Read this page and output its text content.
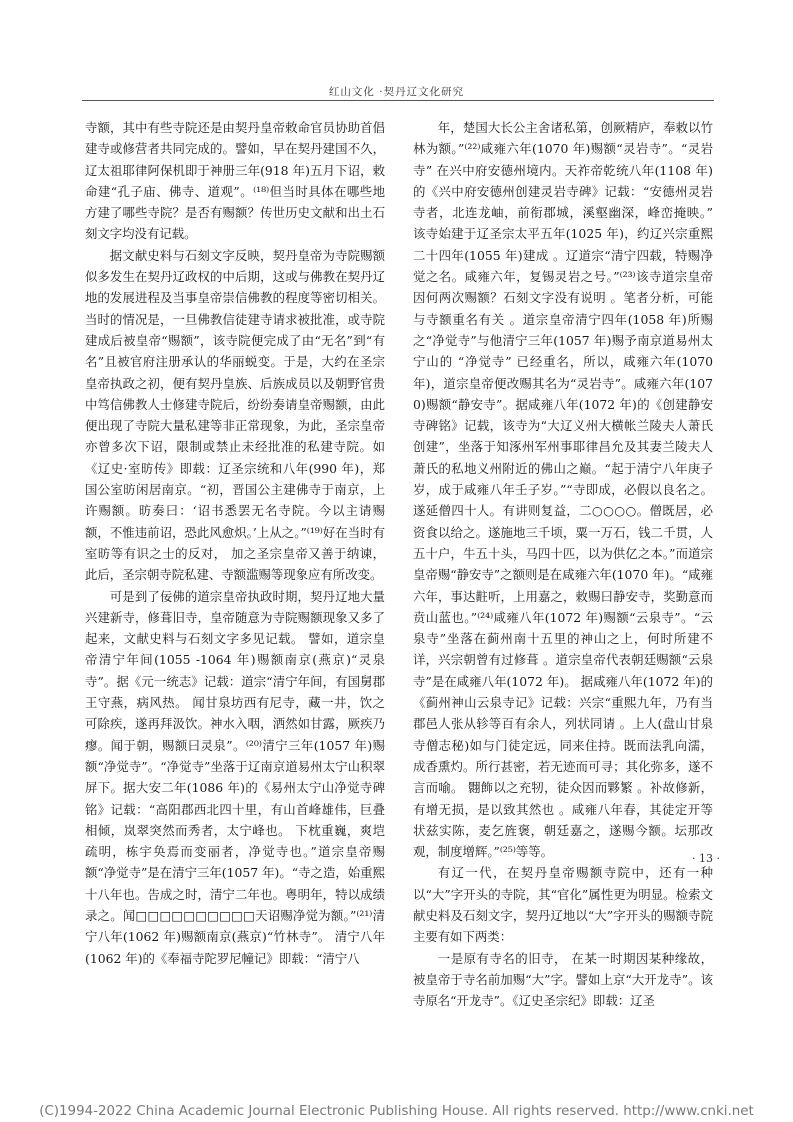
红山文化 ·契丹辽文化研究

寺额，其中有些寺院还是由契丹皇帝敕命官员协助首倡建寺或修营者共同完成的。譬如，早在契丹建国不久，辽太祖耶律阿保机即于神册三年(918 年)五月下诏，敕命建“孔子庙、佛寺、道观”。⁽¹⁸⁾但当时具体在哪些地方建了哪些寺院？是否有赐额？传世历史文献和出土石刻文字均没有记载。

据文献史料与石刻文字反映，契丹皇帝为寺院赐额似多发生在契丹辽政权的中后期，这或与佛教在契丹辽地的发展进程及当事皇帝崇信佛教的程度等密切相关。 当时的情况是，一旦佛教信徒建寺请求被批准，或寺院建成后被皇帝“赐额”，该寺院便完成了由“无名”到“有名”且被官府注册承认的华丽蜕变。于是，大约在圣宗皇帝执政之初，便有契丹皇族、后族成员以及朝野官贵中笃信佛教人士修建寺院后，纷纷奏请皇帝赐额，由此便出现了寺院大量私建等非正常现象，为此，圣宗皇帝亦曾多次下诏，限制或禁止未经批准的私建寺院。如《辽史·室昉传》即载：辽圣宗统和八年(990 年)，郑国公室昉闲居南京。“初，晋国公主建佛寺于南京，上许赐额。昉奏曰：‘诏书悉罢无名寺院。今以主请赐额，不惟违前诏，恐此风愈炽。’上从之。”⁽¹⁹⁾好在当时有室昉等有识之士的反对， 加之圣宗皇帝又善于纳谏，此后，圣宗朝寺院私建、寺额滥赐等现象应有所改变。

可是到了佞佛的道宗皇帝执政时期，契丹辽地大量兴建新寺，修葺旧寺，皇帝随意为寺院赐额现象又多了起来，文献史料与石刻文字多见记载。 譬如，道宗皇帝清宁年间(1055 -1064 年)赐额南京(燕京)“灵泉寺”。据《元一统志》记载：道宗“清宁年间，有国舅郡王守燕，病风热。 闻甘泉坊西有尼寺，藏一井，饮之可除疾，遂再拜汲饮。神水入咽，洒然如甘露，厥疾乃瘳。闻于朝，赐额曰灵泉”。⁽²⁰⁾清宁三年(1057 年)赐额“净觉寺”。“净觉寺”坐落于辽南京道易州太宁山积翠屏下。据大安二年(1086 年)的《易州太宁山净觉寺碑铭》记载：“高阳郡西北四十里，有山首峰雄伟，巨叠相倾，岚翠突然而秀者，太宁峰也。 下枕重巍，爽垲疏明，栋宇奂焉而变丽者，净觉寺也。”道宗皇帝赐额“净觉寺”是在清宁三年(1057 年)。“寺之造，始重熙十八年也。告成之时，清宁二年也。粤明年，特以成绩录之。闻□□□□□□□□□□天诏赐净觉为额。”⁽²¹⁾清宁八年(1062 年)赐额南京(燕京)“竹林寺”。 清宁八年(1062 年)的《奉福寺陀罗尼幢记》即载：“清宁八

年，楚国大长公主舍诸私第，创厥精庐，奉敕以竹林为额。”⁽²²⁾咸雍六年(1070 年)赐额“灵岩寺”。“灵岩寺” 在兴中府安德州境内。天祚帝乾统八年(1108 年)的《兴中府安德州创建灵岩寺碑》记载：“安德州灵岩寺者，北连龙岫，前衔郡城，溪壑幽深，峰峦掩映。” 该寺始建于辽圣宗太平五年(1025 年)，约辽兴宗重熙二十四年(1055 年)建成 。辽道宗“清宁四载，特赐净觉之名。咸雍六年，复锡灵岩之号。”⁽²³⁾该寺道宗皇帝因何两次赐额？石刻文字没有说明 。笔者分析，可能与寺额重名有关 。道宗皇帝清宁四年(1058 年)所赐之“净觉寺”与他清宁三年(1057 年)赐予南京道易州太宁山的 “净觉寺” 已经重名，所以，咸雍六年(1070 年)，道宗皇帝便改赐其名为“灵岩寺”。咸雍六年(1070)赐额“静安寺”。据咸雍八年(1072 年)的《创建静安寺碑铭》记载，该寺为“大辽义州大横帐兰陵夫人萧氏创建”，坐落于知涿州军州事耶律昌允及其妻兰陵夫人萧氏的私地义州附近的佛山之巅。“起于清宁八年庚子岁，成于咸雍八年壬子岁。”“寺即成，必假以良名之。遂延僧四十人。有讲则复益，二○○○○。僧既居，必资食以给之。遂施地三千顷，粟一万石，钱二千贯，人五十户，牛五十头，马四十匹，以为供亿之本。”而道宗皇帝赐“静安寺”之额则是在咸雍六年(1070 年)。“咸雍六年，事达黈听，上用嘉之，敕赐曰静安寺，奖勤意而贲山蓝也。”⁽²⁴⁾咸雍八年(1072 年)赐额“云泉寺”。“云泉寺”坐落在蓟州南十五里的神山之上，何时所建不详，兴宗朝曾有过修葺 。道宗皇帝代表朝廷赐额“云泉寺”是在咸雍八年(1072 年)。 据咸雍八年(1072 年)的《蓟州神山云泉寺记》记载：兴宗“重熙九年，乃有当郡邑人张从轸等百有余人，列状同请 。上人(盘山甘泉寺僧志秘)如与门徒定远，同来住持。既而法乳向濡，成香熏灼。所行甚密，若无迹而可寻；其化弥多，遂不言而喻。 翾飾以之充牣，徒众因而夥繁 。补故修新，有增无损，是以致其然也 。咸雍八年春，其徒定开等状兹实陈，麦乞旌褒，朝廷嘉之，遂赐今额。坛那改观，制度增辉。”⁽²⁵⁾等等。

有辽一代，在契丹皇帝赐额寺院中，还有一种以“大”字开头的寺院，其“官化”属性更为明显。检索文献史料及石刻文字，契丹辽地以“大”字开头的赐额寺院主要有如下两类：

一是原有寺名的旧寺， 在某一时期因某种缘故，被皇帝于寺名前加赐“大”字。譬如上京“大开龙寺”。该寺原名“开龙寺”。《辽史圣宗纪》即载：辽圣

· 13 ·
(C)1994-2022 China Academic Journal Electronic Publishing House. All rights reserved. http://www.cnki.net
